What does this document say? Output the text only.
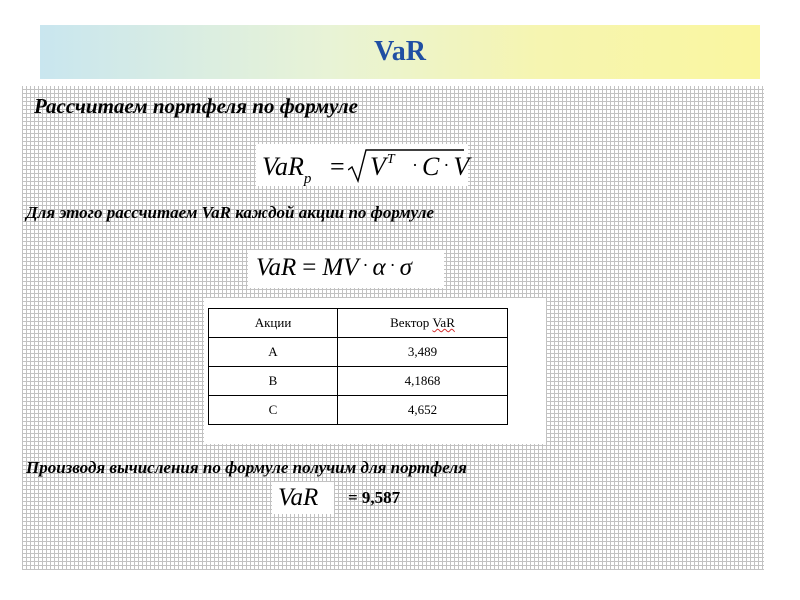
VaR
Рассчитаем портфеля по формуле
$VaR_p = V^T \cdot C \cdot V$
Для этого рассчитаем VaR каждой акции по формуле
VaR = MV · α · σ
Акции	Вектор VaR
A	3,489
B	4,1868
C	4,652
Производя вычисления по формуле получим для портфеля
VaR	= 9,587
